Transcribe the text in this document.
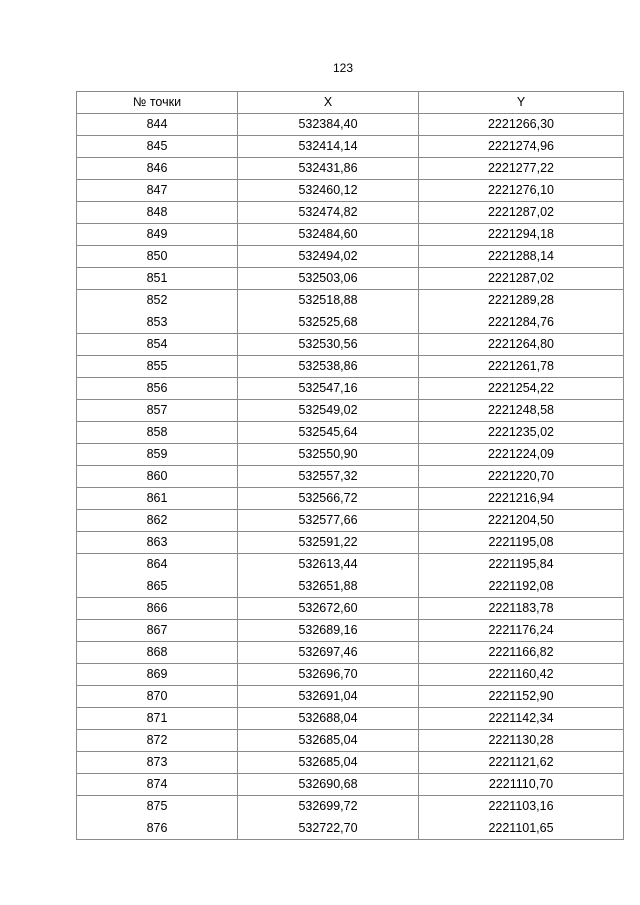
123
№ точки	X	Y
844	532384,40	2221266,30
845	532414,14	2221274,96
846	532431,86	2221277,22
847	532460,12	2221276,10
848	532474,82	2221287,02
849	532484,60	2221294,18
850	532494,02	2221288,14
851	532503,06	2221287,02
852	532518,88	2221289,28
853	532525,68	2221284,76
854	532530,56	2221264,80
855	532538,86	2221261,78
856	532547,16	2221254,22
857	532549,02	2221248,58
858	532545,64	2221235,02
859	532550,90	2221224,09
860	532557,32	2221220,70
861	532566,72	2221216,94
862	532577,66	2221204,50
863	532591,22	2221195,08
864	532613,44	2221195,84
865	532651,88	2221192,08
866	532672,60	2221183,78
867	532689,16	2221176,24
868	532697,46	2221166,82
869	532696,70	2221160,42
870	532691,04	2221152,90
871	532688,04	2221142,34
872	532685,04	2221130,28
873	532685,04	2221121,62
874	532690,68	2221110,70
875	532699,72	2221103,16
876	532722,70	2221101,65
